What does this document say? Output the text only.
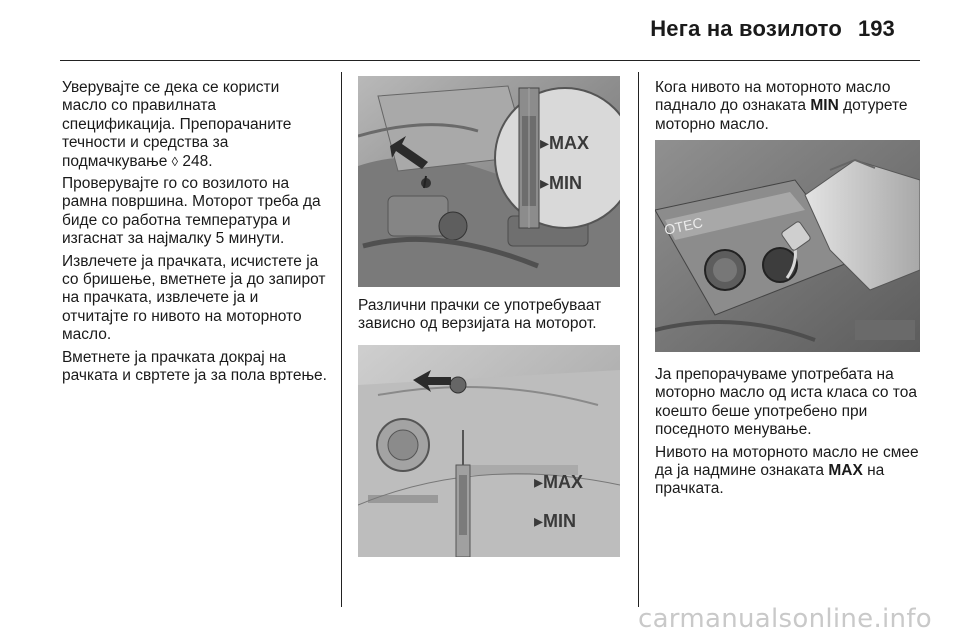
Нега на возилото 193

Уверувајте се дека се користи масло со правилната спецификација. Препорачаните течности и средства за подмачкување ◊ 248.

Проверувајте го со возилото на рамна површина. Моторот треба да биде со работна температура и изгаснат за најмалку 5 минути.

Извлечете ја прачката, исчистете ја со бришење, вметнете ја до запирот на прачката, извлечете ја и отчитајте го нивото на моторното масло.

Вметнете ја прачката докрај на рачката и свртете ја за пола вртење.

▸MAX
▸MIN
Различни прачки се употребуваат зависно од верзијата на моторот.
▸MAX
▸MIN

Кога нивото на моторното масло паднало до ознаката MIN дотурете моторно масло.

OTEC

Ја препорачуваме употребата на моторно масло од иста класа со тоа коешто беше употребено при поседното менување.

Нивото на моторното масло не смее да ја надмине ознаката MAX на прачката.

carmanualsonline.info
